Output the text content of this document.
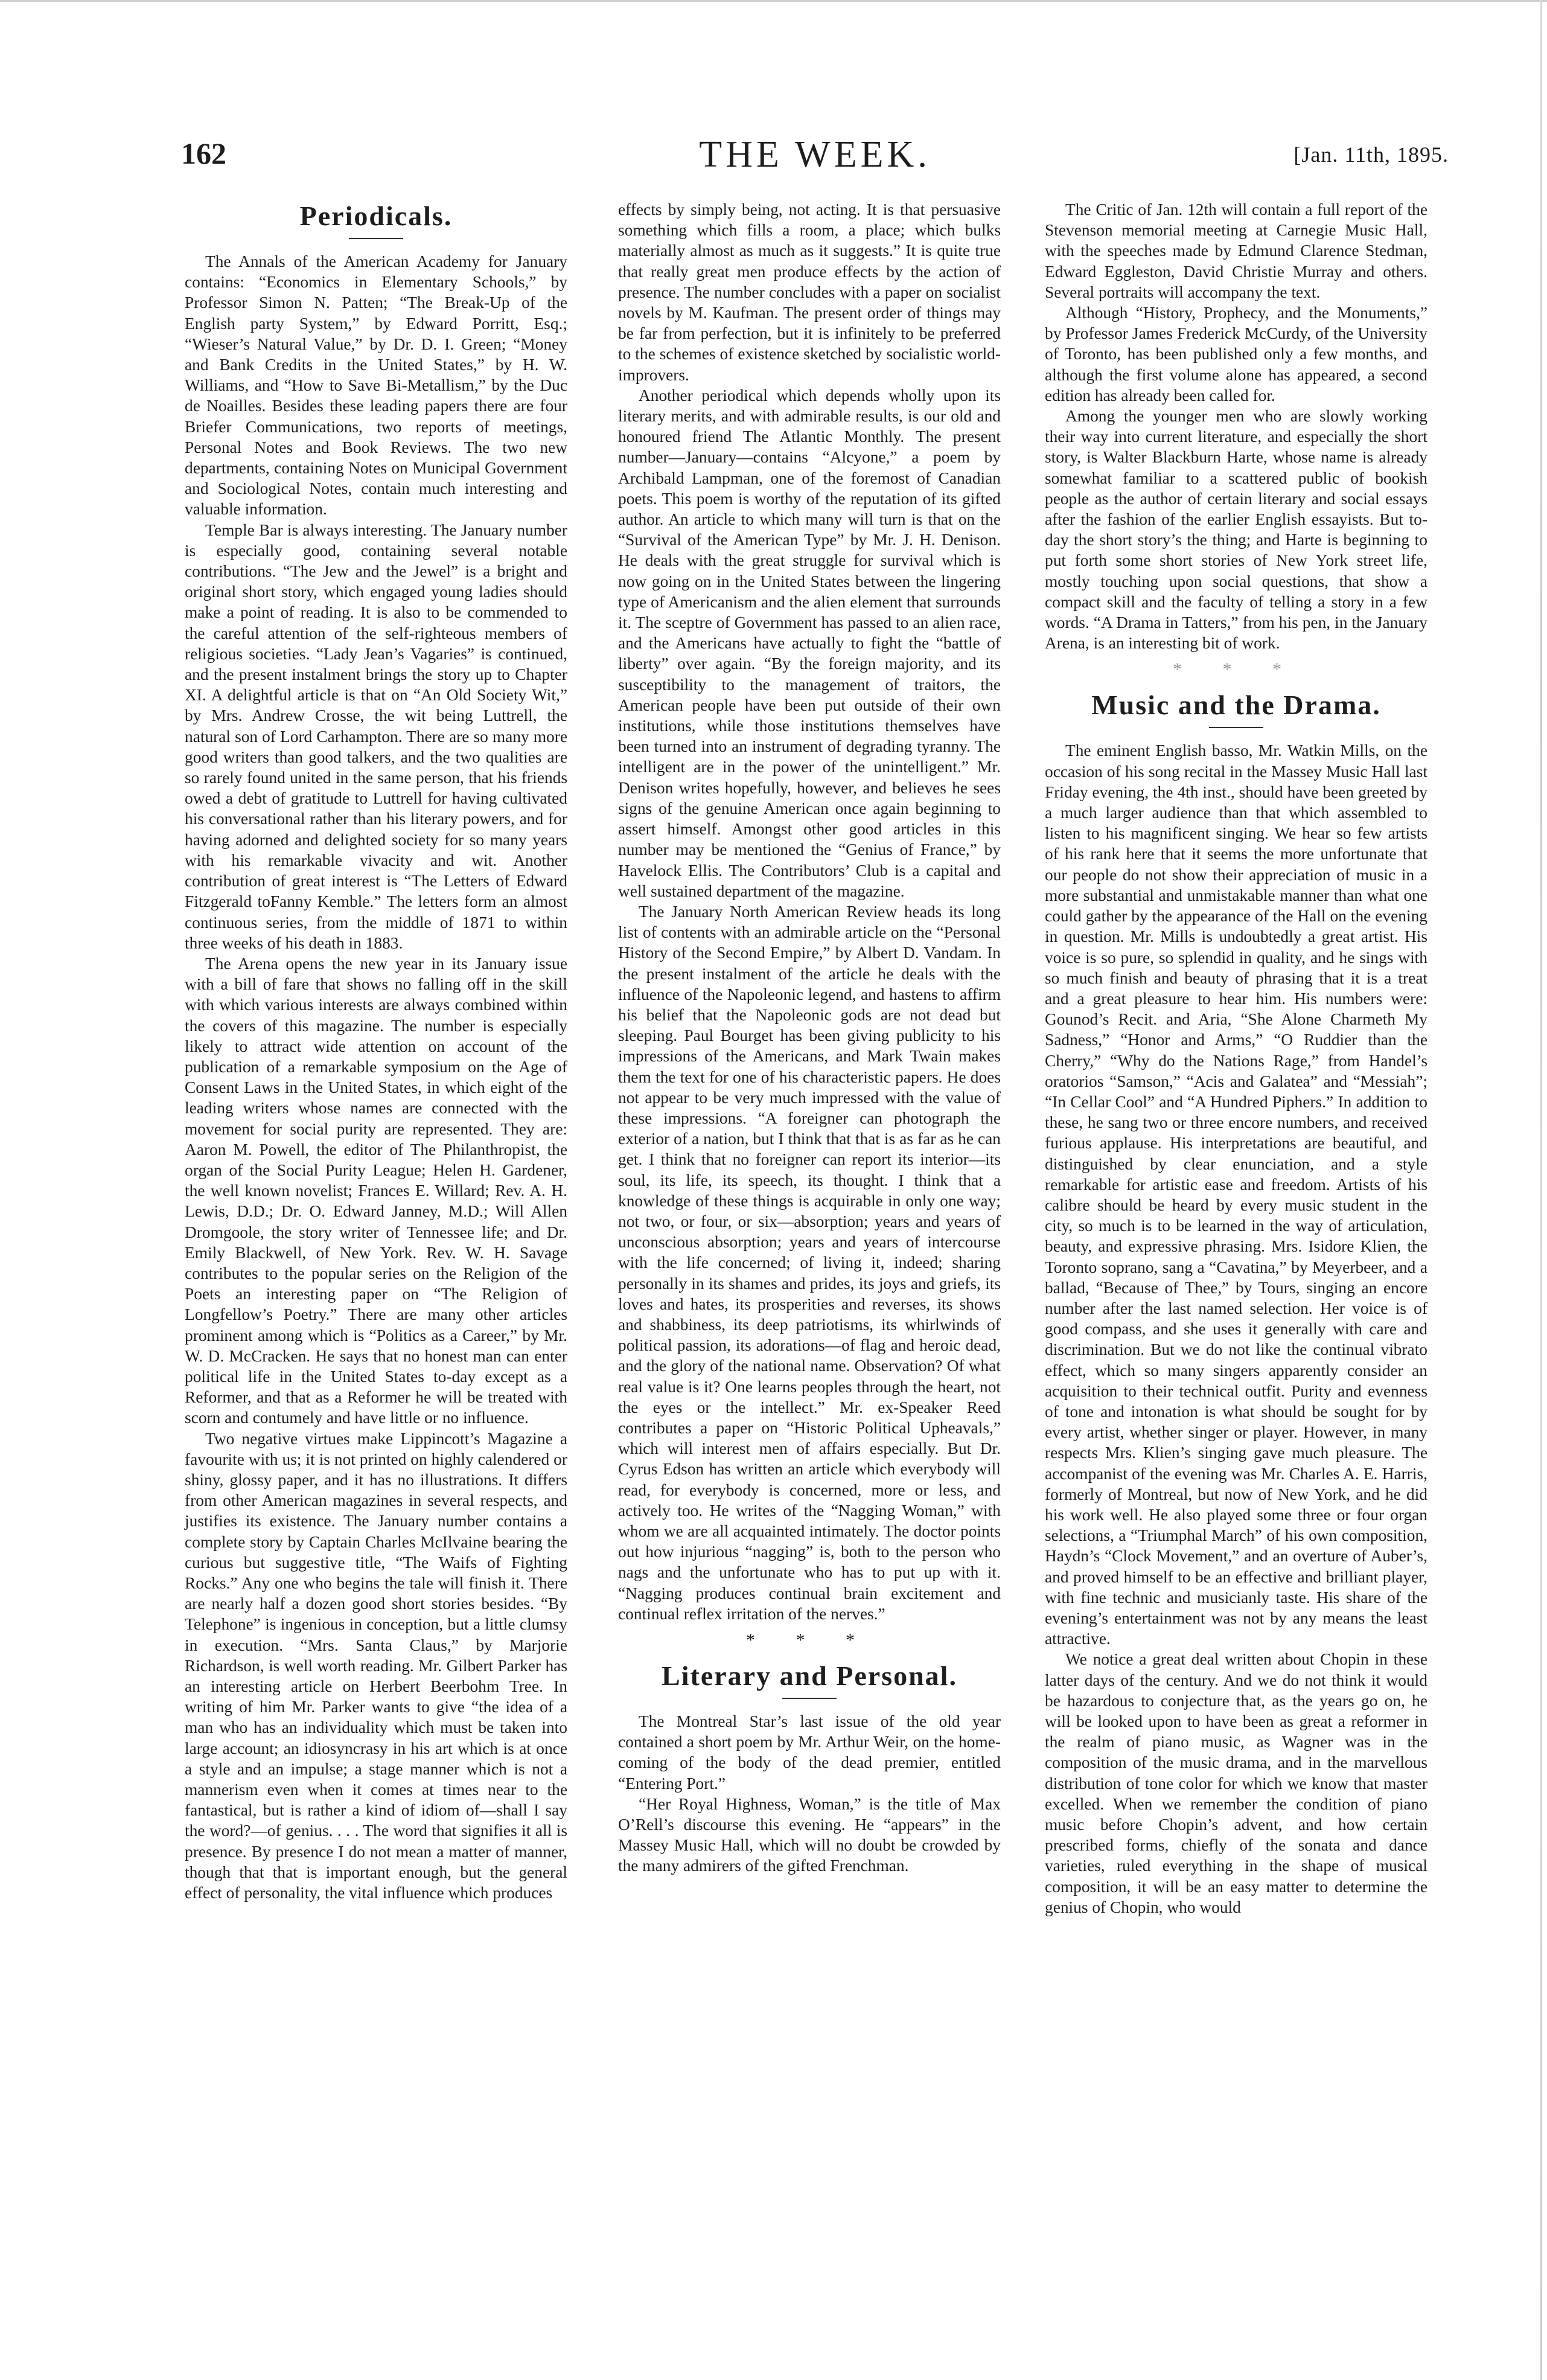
162	THE WEEK.	[Jan. 11th, 1895.
Periodicals.

The Annals of the American Academy for January contains: “Economics in Elementary Schools,” by Professor Simon N. Patten; “The Break-Up of the English party System,” by Edward Porritt, Esq.; “Wieser’s Natural Value,” by Dr. D. I. Green; “Money and Bank Credits in the United States,” by H. W. Williams, and “How to Save Bi-Metallism,” by the Duc de Noailles. Besides these leading papers there are four Briefer Communications, two reports of meetings, Personal Notes and Book Reviews. The two new departments, containing Notes on Municipal Government and Sociological Notes, contain much interesting and valuable information.

Temple Bar is always interesting. The January number is especially good, containing several notable contributions. “The Jew and the Jewel” is a bright and original short story, which engaged young ladies should make a point of reading. It is also to be commended to the careful attention of the self-righteous members of religious societies. “Lady Jean’s Vagaries” is continued, and the present instalment brings the story up to Chapter XI. A delightful article is that on “An Old Society Wit,” by Mrs. Andrew Crosse, the wit being Luttrell, the natural son of Lord Carhampton. There are so many more good writers than good talkers, and the two qualities are so rarely found united in the same person, that his friends owed a debt of gratitude to Luttrell for having cultivated his conversational rather than his literary powers, and for having adorned and delighted society for so many years with his remarkable vivacity and wit. Another contribution of great interest is “The Letters of Edward Fitzgerald toFanny Kemble.” The letters form an almost continuous series, from the middle of 1871 to within three weeks of his death in 1883.

The Arena opens the new year in its January issue with a bill of fare that shows no falling off in the skill with which various interests are always combined within the covers of this magazine. The number is especially likely to attract wide attention on account of the publication of a remarkable symposium on the Age of Consent Laws in the United States, in which eight of the leading writers whose names are connected with the movement for social purity are represented. They are: Aaron M. Powell, the editor of The Philanthropist, the organ of the Social Purity League; Helen H. Gardener, the well known novelist; Frances E. Willard; Rev. A. H. Lewis, D.D.; Dr. O. Edward Janney, M.D.; Will Allen Dromgoole, the story writer of Tennessee life; and Dr. Emily Blackwell, of New York. Rev. W. H. Savage contributes to the popular series on the Religion of the Poets an interesting paper on “The Religion of Longfellow’s Poetry.” There are many other articles prominent among which is “Politics as a Career,” by Mr. W. D. McCracken. He says that no honest man can enter political life in the United States to-day except as a Reformer, and that as a Reformer he will be treated with scorn and contumely and have little or no influence.

Two negative virtues make Lippincott’s Magazine a favourite with us; it is not printed on highly calendered or shiny, glossy paper, and it has no illustrations. It differs from other American magazines in several respects, and justifies its existence. The January number contains a complete story by Captain Charles McIlvaine bearing the curious but suggestive title, “The Waifs of Fighting Rocks.” Any one who begins the tale will finish it. There are nearly half a dozen good short stories besides. “By Telephone” is ingenious in conception, but a little clumsy in execution. “Mrs. Santa Claus,” by Marjorie Richardson, is well worth reading. Mr. Gilbert Parker has an interesting article on Herbert Beerbohm Tree. In writing of him Mr. Parker wants to give “the idea of a man who has an individuality which must be taken into large account; an idiosyncrasy in his art which is at once a style and an impulse; a stage manner which is not a mannerism even when it comes at times near to the fantastical, but is rather a kind of idiom of—shall I say the word?—of genius. . . . The word that signifies it all is presence. By presence I do not mean a matter of manner, though that that is important enough, but the general effect of personality, the vital influence which produces

effects by simply being, not acting. It is that persuasive something which fills a room, a place; which bulks materially almost as much as it suggests.” It is quite true that really great men produce effects by the action of presence. The number concludes with a paper on socialist novels by M. Kaufman. The present order of things may be far from perfection, but it is infinitely to be preferred to the schemes of existence sketched by socialistic world-improvers.

Another periodical which depends wholly upon its literary merits, and with admirable results, is our old and honoured friend The Atlantic Monthly. The present number—January—contains “Alcyone,” a poem by Archibald Lampman, one of the foremost of Canadian poets. This poem is worthy of the reputation of its gifted author. An article to which many will turn is that on the “Survival of the American Type” by Mr. J. H. Denison. He deals with the great struggle for survival which is now going on in the United States between the lingering type of Americanism and the alien element that surrounds it. The sceptre of Government has passed to an alien race, and the Americans have actually to fight the “battle of liberty” over again. “By the foreign majority, and its susceptibility to the management of traitors, the American people have been put outside of their own institutions, while those institutions themselves have been turned into an instrument of degrading tyranny. The intelligent are in the power of the unintelligent.” Mr. Denison writes hopefully, however, and believes he sees signs of the genuine American once again beginning to assert himself. Amongst other good articles in this number may be mentioned the “Genius of France,” by Havelock Ellis. The Contributors’ Club is a capital and well sustained department of the magazine.

The January North American Review heads its long list of contents with an admirable article on the “Personal History of the Second Empire,” by Albert D. Vandam. In the present instalment of the article he deals with the influence of the Napoleonic legend, and hastens to affirm his belief that the Napoleonic gods are not dead but sleeping. Paul Bourget has been giving publicity to his impressions of the Americans, and Mark Twain makes them the text for one of his characteristic papers. He does not appear to be very much impressed with the value of these impressions. “A foreigner can photograph the exterior of a nation, but I think that that is as far as he can get. I think that no foreigner can report its interior—its soul, its life, its speech, its thought. I think that a knowledge of these things is acquirable in only one way; not two, or four, or six—absorption; years and years of unconscious absorption; years and years of intercourse with the life concerned; of living it, indeed; sharing personally in its shames and prides, its joys and griefs, its loves and hates, its prosperities and reverses, its shows and shabbiness, its deep patriotisms, its whirlwinds of political passion, its adorations—of flag and heroic dead, and the glory of the national name. Observation? Of what real value is it? One learns peoples through the heart, not the eyes or the intellect.” Mr. ex-Speaker Reed contributes a paper on “Historic Political Upheavals,” which will interest men of affairs especially. But Dr. Cyrus Edson has written an article which everybody will read, for everybody is concerned, more or less, and actively too. He writes of the “Nagging Woman,” with whom we are all acquainted intimately. The doctor points out how injurious “nagging” is, both to the person who nags and the unfortunate who has to put up with it. “Nagging produces continual brain excitement and continual reflex irritation of the nerves.”

* * *
Literary and Personal.

The Montreal Star’s last issue of the old year contained a short poem by Mr. Arthur Weir, on the home-coming of the body of the dead premier, entitled “Entering Port.”

“Her Royal Highness, Woman,” is the title of Max O’Rell’s discourse this evening. He “appears” in the Massey Music Hall, which will no doubt be crowded by the many admirers of the gifted Frenchman.

The Critic of Jan. 12th will contain a full report of the Stevenson memorial meeting at Carnegie Music Hall, with the speeches made by Edmund Clarence Stedman, Edward Eggleston, David Christie Murray and others. Several portraits will accompany the text.

Although “History, Prophecy, and the Monuments,” by Professor James Frederick McCurdy, of the University of Toronto, has been published only a few months, and although the first volume alone has appeared, a second edition has already been called for.

Among the younger men who are slowly working their way into current literature, and especially the short story, is Walter Blackburn Harte, whose name is already somewhat familiar to a scattered public of bookish people as the author of certain literary and social essays after the fashion of the earlier English essayists. But to-day the short story’s the thing; and Harte is beginning to put forth some short stories of New York street life, mostly touching upon social questions, that show a compact skill and the faculty of telling a story in a few words. “A Drama in Tatters,” from his pen, in the January Arena, is an interesting bit of work.

* * *
Music and the Drama.

The eminent English basso, Mr. Watkin Mills, on the occasion of his song recital in the Massey Music Hall last Friday evening, the 4th inst., should have been greeted by a much larger audience than that which assembled to listen to his magnificent singing. We hear so few artists of his rank here that it seems the more unfortunate that our people do not show their appreciation of music in a more substantial and unmistakable manner than what one could gather by the appearance of the Hall on the evening in question. Mr. Mills is undoubtedly a great artist. His voice is so pure, so splendid in quality, and he sings with so much finish and beauty of phrasing that it is a treat and a great pleasure to hear him. His numbers were: Gounod’s Recit. and Aria, “She Alone Charmeth My Sadness,” “Honor and Arms,” “O Ruddier than the Cherry,” “Why do the Nations Rage,” from Handel’s oratorios “Samson,” “Acis and Galatea” and “Messiah”; “In Cellar Cool” and “A Hundred Piphers.” In addition to these, he sang two or three encore numbers, and received furious applause. His interpretations are beautiful, and distinguished by clear enunciation, and a style remarkable for artistic ease and freedom. Artists of his calibre should be heard by every music student in the city, so much is to be learned in the way of articulation, beauty, and expressive phrasing. Mrs. Isidore Klien, the Toronto soprano, sang a “Cavatina,” by Meyerbeer, and a ballad, “Because of Thee,” by Tours, singing an encore number after the last named selection. Her voice is of good compass, and she uses it generally with care and discrimination. But we do not like the continual vibrato effect, which so many singers apparently consider an acquisition to their technical outfit. Purity and evenness of tone and intonation is what should be sought for by every artist, whether singer or player. However, in many respects Mrs. Klien’s singing gave much pleasure. The accompanist of the evening was Mr. Charles A. E. Harris, formerly of Montreal, but now of New York, and he did his work well. He also played some three or four organ selections, a “Triumphal March” of his own composition, Haydn’s “Clock Movement,” and an overture of Auber’s, and proved himself to be an effective and brilliant player, with fine technic and musicianly taste. His share of the evening’s entertainment was not by any means the least attractive.

We notice a great deal written about Chopin in these latter days of the century. And we do not think it would be hazardous to conjecture that, as the years go on, he will be looked upon to have been as great a reformer in the realm of piano music, as Wagner was in the composition of the music drama, and in the marvellous distribution of tone color for which we know that master excelled. When we remember the condition of piano music before Chopin’s advent, and how certain prescribed forms, chiefly of the sonata and dance varieties, ruled everything in the shape of musical composition, it will be an easy matter to determine the genius of Chopin, who would
